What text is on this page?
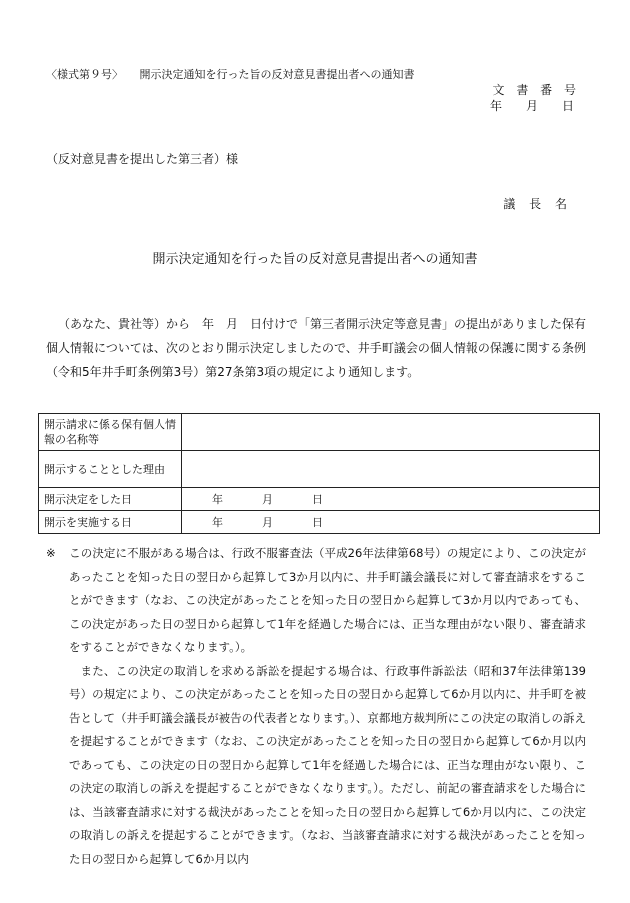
〈様式第９号〉　　開示決定通知を行った旨の反対意見書提出者への通知書
文 書 番 号
年　月　日
（反対意見書を提出した第三者）様
議 長 名
開示決定通知を行った旨の反対意見書提出者への通知書
（あなた、貴社等）から　年　月　日付けで「第三者開示決定等意見書」の提出がありました保有個人情報については、次のとおり開示決定しましたので、井手町議会の個人情報の保護に関する条例（令和5年井手町条例第3号）第27条第3項の規定により通知します。
開示請求に係る保有個人情報の名称等	
開示することとした理由	
開示決定をした日	年　月　日
開示を実施する日	年　月　日

※ この決定に不服がある場合は、行政不服審査法（平成26年法律第68号）の規定により、この決定があったことを知った日の翌日から起算して3か月以内に、井手町議会議長に対して審査請求をすることができます（なお、この決定があったことを知った日の翌日から起算して3か月以内であっても、この決定があった日の翌日から起算して1年を経過した場合には、正当な理由がない限り、審査請求をすることができなくなります。）。

また、この決定の取消しを求める訴訟を提起する場合は、行政事件訴訟法（昭和37年法律第139号）の規定により、この決定があったことを知った日の翌日から起算して6か月以内に、井手町を被告として（井手町議会議長が被告の代表者となります。）、京都地方裁判所にこの決定の取消しの訴えを提起することができます（なお、この決定があったことを知った日の翌日から起算して6か月以内であっても、この決定の日の翌日から起算して1年を経過した場合には、正当な理由がない限り、この決定の取消しの訴えを提起することができなくなります。）。ただし、前記の審査請求をした場合には、当該審査請求に対する裁決があったことを知った日の翌日から起算して6か月以内に、この決定の取消しの訴えを提起することができます。（なお、当該審査請求に対する裁決があったことを知った日の翌日から起算して6か月以内
